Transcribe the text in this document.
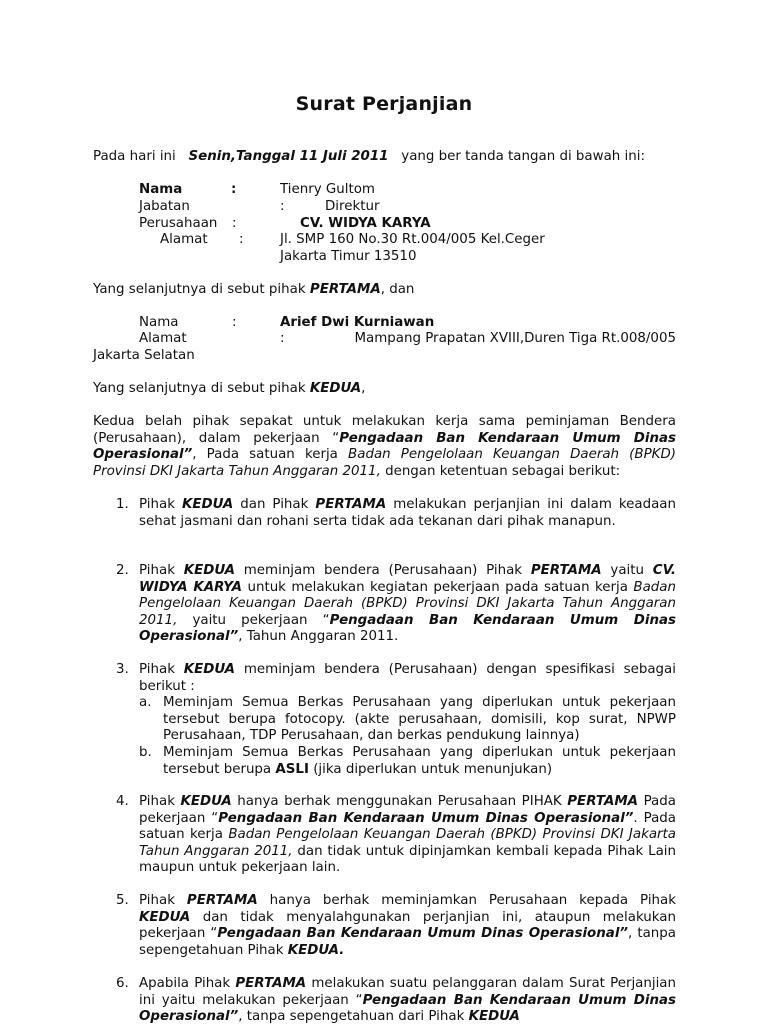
Surat Perjanjian
Pada hari ini Senin,Tanggal 11 Juli 2011 yang ber tanda tangan di bawah ini:
Nama	:	Tienry Gultom
Jabatan	:	Direktur
Perusahaan :	CV. WIDYA KARYA
Alamat :	Jl. SMP 160 No.30 Rt.004/005 Kel.Ceger
Jakarta Timur 13510
Yang selanjutnya di sebut pihak PERTAMA, dan
Nama	:	Arief Dwi Kurniawan
Alamat	:	Mampang Prapatan XVIII,Duren Tiga Rt.008/005
Jakarta Selatan
Yang selanjutnya di sebut pihak KEDUA,
Kedua belah pihak sepakat untuk melakukan kerja sama peminjaman Bendera (Perusahaan), dalam pekerjaan “Pengadaan Ban Kendaraan Umum Dinas Operasional”, Pada satuan kerja Badan Pengelolaan Keuangan Daerah (BPKD) Provinsi DKI Jakarta Tahun Anggaran 2011, dengan ketentuan sebagai berikut:
1. Pihak KEDUA dan Pihak PERTAMA melakukan perjanjian ini dalam keadaan sehat jasmani dan rohani serta tidak ada tekanan dari pihak manapun.
2. Pihak KEDUA meminjam bendera (Perusahaan) Pihak PERTAMA yaitu CV. WIDYA KARYA untuk melakukan kegiatan pekerjaan pada satuan kerja Badan Pengelolaan Keuangan Daerah (BPKD) Provinsi DKI Jakarta Tahun Anggaran 2011, yaitu pekerjaan “Pengadaan Ban Kendaraan Umum Dinas Operasional”, Tahun Anggaran 2011.
3. Pihak KEDUA meminjam bendera (Perusahaan) dengan spesifikasi sebagai berikut :
a. Meminjam Semua Berkas Perusahaan yang diperlukan untuk pekerjaan tersebut berupa fotocopy. (akte perusahaan, domisili, kop surat, NPWP Perusahaan, TDP Perusahaan, dan berkas pendukung lainnya)
b. Meminjam Semua Berkas Perusahaan yang diperlukan untuk pekerjaan tersebut berupa ASLI (jika diperlukan untuk menunjukan)
4. Pihak KEDUA hanya berhak menggunakan Perusahaan PIHAK PERTAMA Pada pekerjaan “Pengadaan Ban Kendaraan Umum Dinas Operasional”. Pada satuan kerja Badan Pengelolaan Keuangan Daerah (BPKD) Provinsi DKI Jakarta Tahun Anggaran 2011, dan tidak untuk dipinjamkan kembali kepada Pihak Lain maupun untuk pekerjaan lain.
5. Pihak PERTAMA hanya berhak meminjamkan Perusahaan kepada Pihak KEDUA dan tidak menyalahgunakan perjanjian ini, ataupun melakukan pekerjaan “Pengadaan Ban Kendaraan Umum Dinas Operasional”, tanpa sepengetahuan Pihak KEDUA.
6. Apabila Pihak PERTAMA melakukan suatu pelanggaran dalam Surat Perjanjian ini yaitu melakukan pekerjaan “Pengadaan Ban Kendaraan Umum Dinas Operasional”, tanpa sepengetahuan dari Pihak KEDUA
